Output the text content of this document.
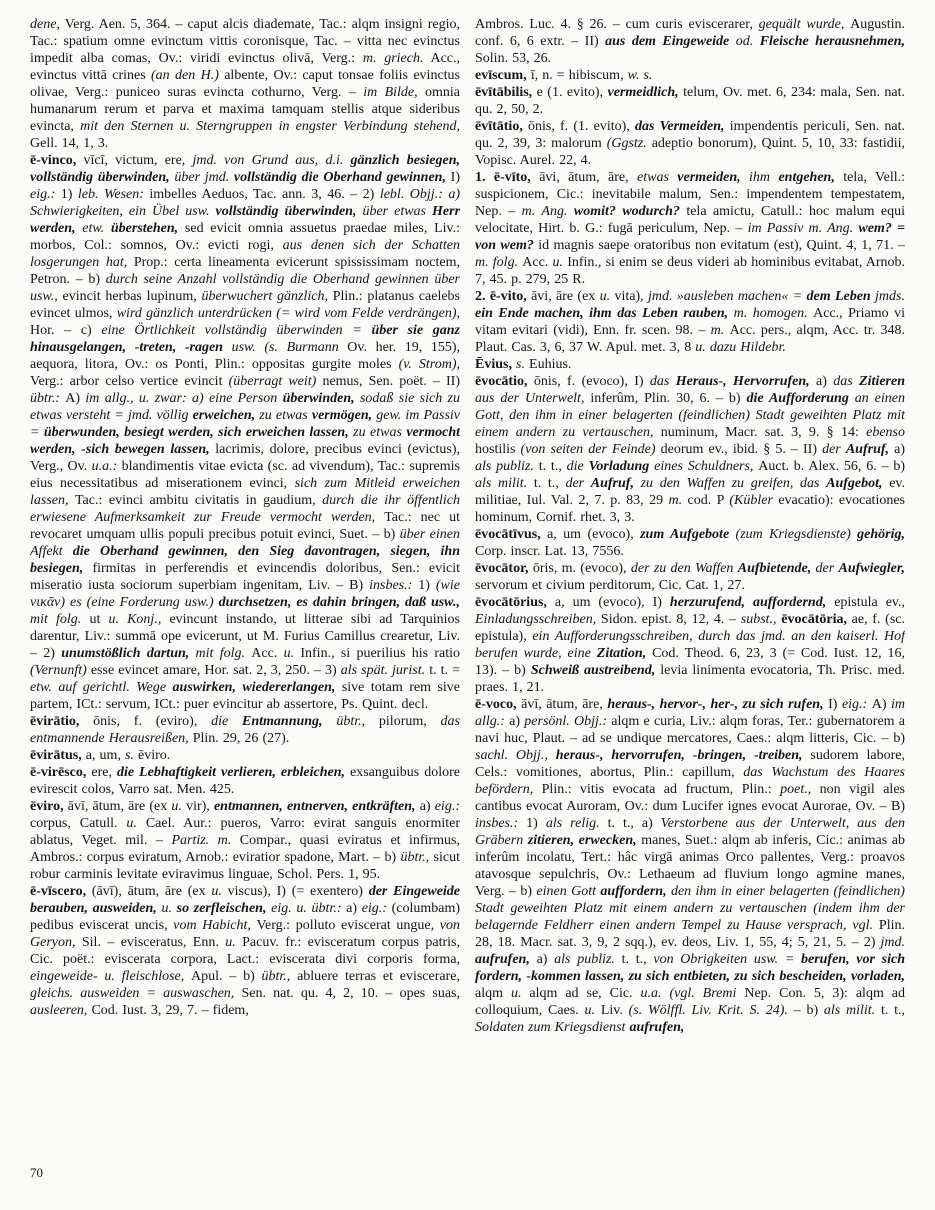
dene, Verg. Aen. 5, 364. – caput alcis diademate, Tac.: alqm insigni regio, Tac.: spatium omne evinctum vittis coronisque, Tac. – vitta nec evinctus impedit alba comas, Ov.: viridi evinctus olivā, Verg.: m. griech. Acc., evinctus vittā crines (an den H.) albente, Ov.: caput tonsae foliis evinctus olivae, Verg.: puniceo suras evincta cothurno, Verg. – im Bilde, omnia humanarum rerum et parva et maxima tamquam stellis atque sideribus evincta, mit den Sternen u. Sterngruppen in engster Verbindung stehend, Gell. 14, 1, 3.

ē-vinco, vīcī, victum, ere, jmd. von Grund aus, d.i. gänzlich besiegen, vollständig überwinden, über jmd. vollständig die Oberhand gewinnen, I) eig.: 1) leb. Wesen: imbelles Aeduos, Tac. ann. 3, 46. – 2) lebl. Objj.: a) Schwierigkeiten, ein Übel usw. vollständig überwinden, über etwas Herr werden, etw. überstehen, sed evicit omnia assuetus praedae miles, Liv.: morbos, Col.: somnos, Ov.: evicti rogi, aus denen sich der Schatten losgerungen hat, Prop.: certa lineamenta evicerunt spississimam noctem, Petron. – b) durch seine Anzahl vollständig die Oberhand gewinnen über usw., evincit herbas lupinum, überwuchert gänzlich, Plin.: platanus caelebs evincet ulmos, wird gänzlich unterdrücken (= wird vom Felde verdrängen), Hor. – c) eine Örtlichkeit vollständig überwinden = über sie ganz hinausgelangen, -treten, -ragen usw. (s. Burmann Ov. her. 19, 155), aequora, litora, Ov.: os Ponti, Plin.: oppositas gurgite moles (v. Strom), Verg.: arbor celso vertice evincit (überragt weit) nemus, Sen. poët. – II) übtr.: A) im allg., u. zwar: a) eine Person überwinden, sodaß sie sich zu etwas versteht = jmd. völlig erweichen, zu etwas vermögen, gew. im Passiv = überwunden, besiegt werden, sich erweichen lassen, zu etwas vermocht werden, -sich bewegen lassen, lacrimis, dolore, precibus evinci (evictus), Verg., Ov. u.a.: blandimentis vitae evicta (sc. ad vivendum), Tac.: supremis eius necessitatibus ad miserationem evinci, sich zum Mitleid erweichen lassen, Tac.: evinci ambitu civitatis in gaudium, durch die ihr öffentlich erwiesene Aufmerksamkeit zur Freude vermocht werden, Tac.: nec ut revocaret umquam ullis populi precibus potuit evinci, Suet. – b) über einen Affekt die Oberhand gewinnen, den Sieg davontragen, siegen, ihn besiegen, firmitas in perferendis et evincendis doloribus, Sen.: evicit miseratio iusta sociorum superbiam ingenitam, Liv. – B) insbes.: 1) (wie νικᾶν) es (eine Forderung usw.) durchsetzen, es dahin bringen, daß usw., mit folg. ut u. Konj., evincunt instando, ut litterae sibi ad Tarquinios darentur, Liv.: summā ope evicerunt, ut M. Furius Camillus crearetur, Liv. – 2) unumstößlich dartun, mit folg. Acc. u. Infin., si puerilius his ratio (Vernunft) esse evincet amare, Hor. sat. 2, 3, 250. – 3) als spät. jurist. t. t. = etw. auf gerichtl. Wege auswirken, wiedererlangen, sive totam rem sive partem, ICt.: servum, ICt.: puer evincitur ab assertore, Ps. Quint. decl.

ēvirātio, ōnis, f. (eviro), die Entmannung, übtr., pilorum, das entmannende Herausreißen, Plin. 29, 26 (27).

ēvirātus, a, um, s. ēviro.

ē-virēsco, ere, die Lebhaftigkeit verlieren, erbleichen, exsanguibus dolore evirescit colos, Varro sat. Men. 425.

ēviro, āvī, ātum, āre (ex u. vir), entmannen, entnerven, entkräften, a) eig.: corpus, Catull. u. Cael. Aur.: pueros, Varro: evirat sanguis enormiter ablatus, Veget. mil. – Partiz. m. Compar., quasi eviratus et infirmus, Ambros.: corpus eviratum, Arnob.: eviratior spadone, Mart. – b) übtr., sicut robur carminis levitate eviravimus linguae, Schol. Pers. 1, 95.

ē-vīscero, (āvī), ātum, āre (ex u. viscus), I) (= exentero) der Eingeweide berauben, ausweiden, u. so zerfleischen, eig. u. übtr.: a) eig.: (columbam) pedibus eviscerat uncis, vom Habicht, Verg.: polluto eviscerat ungue, von Geryon, Sil. – evisceratus, Enn. u. Pacuv. fr.: evisceratum corpus patris, Cic. poët.: eviscerata corpora, Lact.: eviscerata divi corporis forma, eingeweide- u. fleischlose, Apul. – b) übtr., abluere terras et eviscerare, gleichs. ausweiden = auswaschen, Sen. nat. qu. 4, 2, 10. – opes suas, ausleeren, Cod. Iust. 3, 29, 7. – fidem,

Ambros. Luc. 4. § 26. – cum curis eviscerarer, gequält wurde, Augustin. conf. 6, 6 extr. – II) aus dem Eingeweide od. Fleische herausnehmen, Solin. 53, 26.

evīscum, ī, n. = hibiscum, w. s.

ēvītābilis, e (1. evito), vermeidlich, telum, Ov. met. 6, 234: mala, Sen. nat. qu. 2, 50, 2.

ēvītātio, ōnis, f. (1. evito), das Vermeiden, impendentis periculi, Sen. nat. qu. 2, 39, 3: malorum (Ggstz. adeptio bonorum), Quint. 5, 10, 33: fastidii, Vopisc. Aurel. 22, 4.

1. ē-vīto, āvi, ātum, āre, etwas vermeiden, ihm entgehen, tela, Vell.: suspicionem, Cic.: inevitabile malum, Sen.: impendentem tempestatem, Nep. – m. Ang. womit? wodurch? tela amictu, Catull.: hoc malum equi velocitate, Hirt. b. G.: fugā periculum, Nep. – im Passiv m. Ang. wem? = von wem? id magnis saepe oratoribus non evitatum (est), Quint. 4, 1, 71. – m. folg. Acc. u. Infin., si enim se deus videri ab hominibus evitabat, Arnob. 7, 45. p. 279, 25 R.

2. ē-vito, āvi, āre (ex u. vita), jmd. »ausleben machen« = dem Leben jmds. ein Ende machen, ihm das Leben rauben, m. homogen. Acc., Priamo vi vitam evitari (vidi), Enn. fr. scen. 98. – m. Acc. pers., alqm, Acc. tr. 348. Plaut. Cas. 3, 6, 37 W. Apul. met. 3, 8 u. dazu Hildebr.

Ēvius, s. Euhius.

ēvocātio, ōnis, f. (evoco), I) das Heraus-, Hervorrufen, a) das Zitieren aus der Unterwelt, inferûm, Plin. 30, 6. – b) die Aufforderung an einen Gott, den ihm in einer belagerten (feindlichen) Stadt geweihten Platz mit einem andern zu vertauschen, numinum, Macr. sat. 3, 9. § 14: ebenso hostilis (von seiten der Feinde) deorum ev., ibid. § 5. – II) der Aufruf, a) als publiz. t. t., die Vorladung eines Schuldners, Auct. b. Alex. 56, 6. – b) als milit. t. t., der Aufruf, zu den Waffen zu greifen, das Aufgebot, ev. militiae, Iul. Val. 2, 7. p. 83, 29 m. cod. P (Kübler evacatio): evocationes hominum, Cornif. rhet. 3, 3.

ēvocātīvus, a, um (evoco), zum Aufgebote (zum Kriegsdienste) gehörig, Corp. inscr. Lat. 13, 7556.

ēvocātor, ōris, m. (evoco), der zu den Waffen Aufbietende, der Aufwiegler, servorum et civium perditorum, Cic. Cat. 1, 27.

ēvocātōrius, a, um (evoco), I) herzurufend, auffordernd, epistula ev., Einladungsschreiben, Sidon. epist. 8, 12, 4. – subst., ēvocātōria, ae, f. (sc. epistula), ein Aufforderungsschreiben, durch das jmd. an den kaiserl. Hof berufen wurde, eine Zitation, Cod. Theod. 6, 23, 3 (= Cod. Iust. 12, 16, 13). – b) Schweiß austreibend, levia linimenta evocatoria, Th. Prisc. med. praes. 1, 21.

ē-voco, āvī, ātum, āre, heraus-, hervor-, her-, zu sich rufen, I) eig.: A) im allg.: a) persönl. Objj.: alqm e curia, Liv.: alqm foras, Ter.: gubernatorem a navi huc, Plaut. – ad se undique mercatores, Caes.: alqm litteris, Cic. – b) sachl. Objj., heraus-, hervorrufen, -bringen, -treiben, sudorem labore, Cels.: vomitiones, abortus, Plin.: capillum, das Wachstum des Haares befördern, Plin.: vitis evocata ad fructum, Plin.: poet., non vigil ales cantibus evocat Auroram, Ov.: dum Lucifer ignes evocat Aurorae, Ov. – B) insbes.: 1) als relig. t. t., a) Verstorbene aus der Unterwelt, aus den Gräbern zitieren, erwecken, manes, Suet.: alqm ab inferis, Cic.: animas ab inferûm incolatu, Tert.: hâc virgā animas Orco pallentes, Verg.: proavos atavosque sepulchris, Ov.: Lethaeum ad fluvium longo agmine manes, Verg. – b) einen Gott auffordern, den ihm in einer belagerten (feindlichen) Stadt geweihten Platz mit einem andern zu vertauschen (indem ihm der belagernde Feldherr einen andern Tempel zu Hause versprach, vgl. Plin. 28, 18. Macr. sat. 3, 9, 2 sqq.), ev. deos, Liv. 1, 55, 4; 5, 21, 5. – 2) jmd. aufrufen, a) als publiz. t. t., von Obrigkeiten usw. = berufen, vor sich fordern, -kommen lassen, zu sich entbieten, zu sich bescheiden, vorladen, alqm u. alqm ad se, Cic. u.a. (vgl. Bremi Nep. Con. 5, 3): alqm ad colloquium, Caes. u. Liv. (s. Wölffl. Liv. Krit. S. 24). – b) als milit. t. t., Soldaten zum Kriegsdienst aufrufen,

70
